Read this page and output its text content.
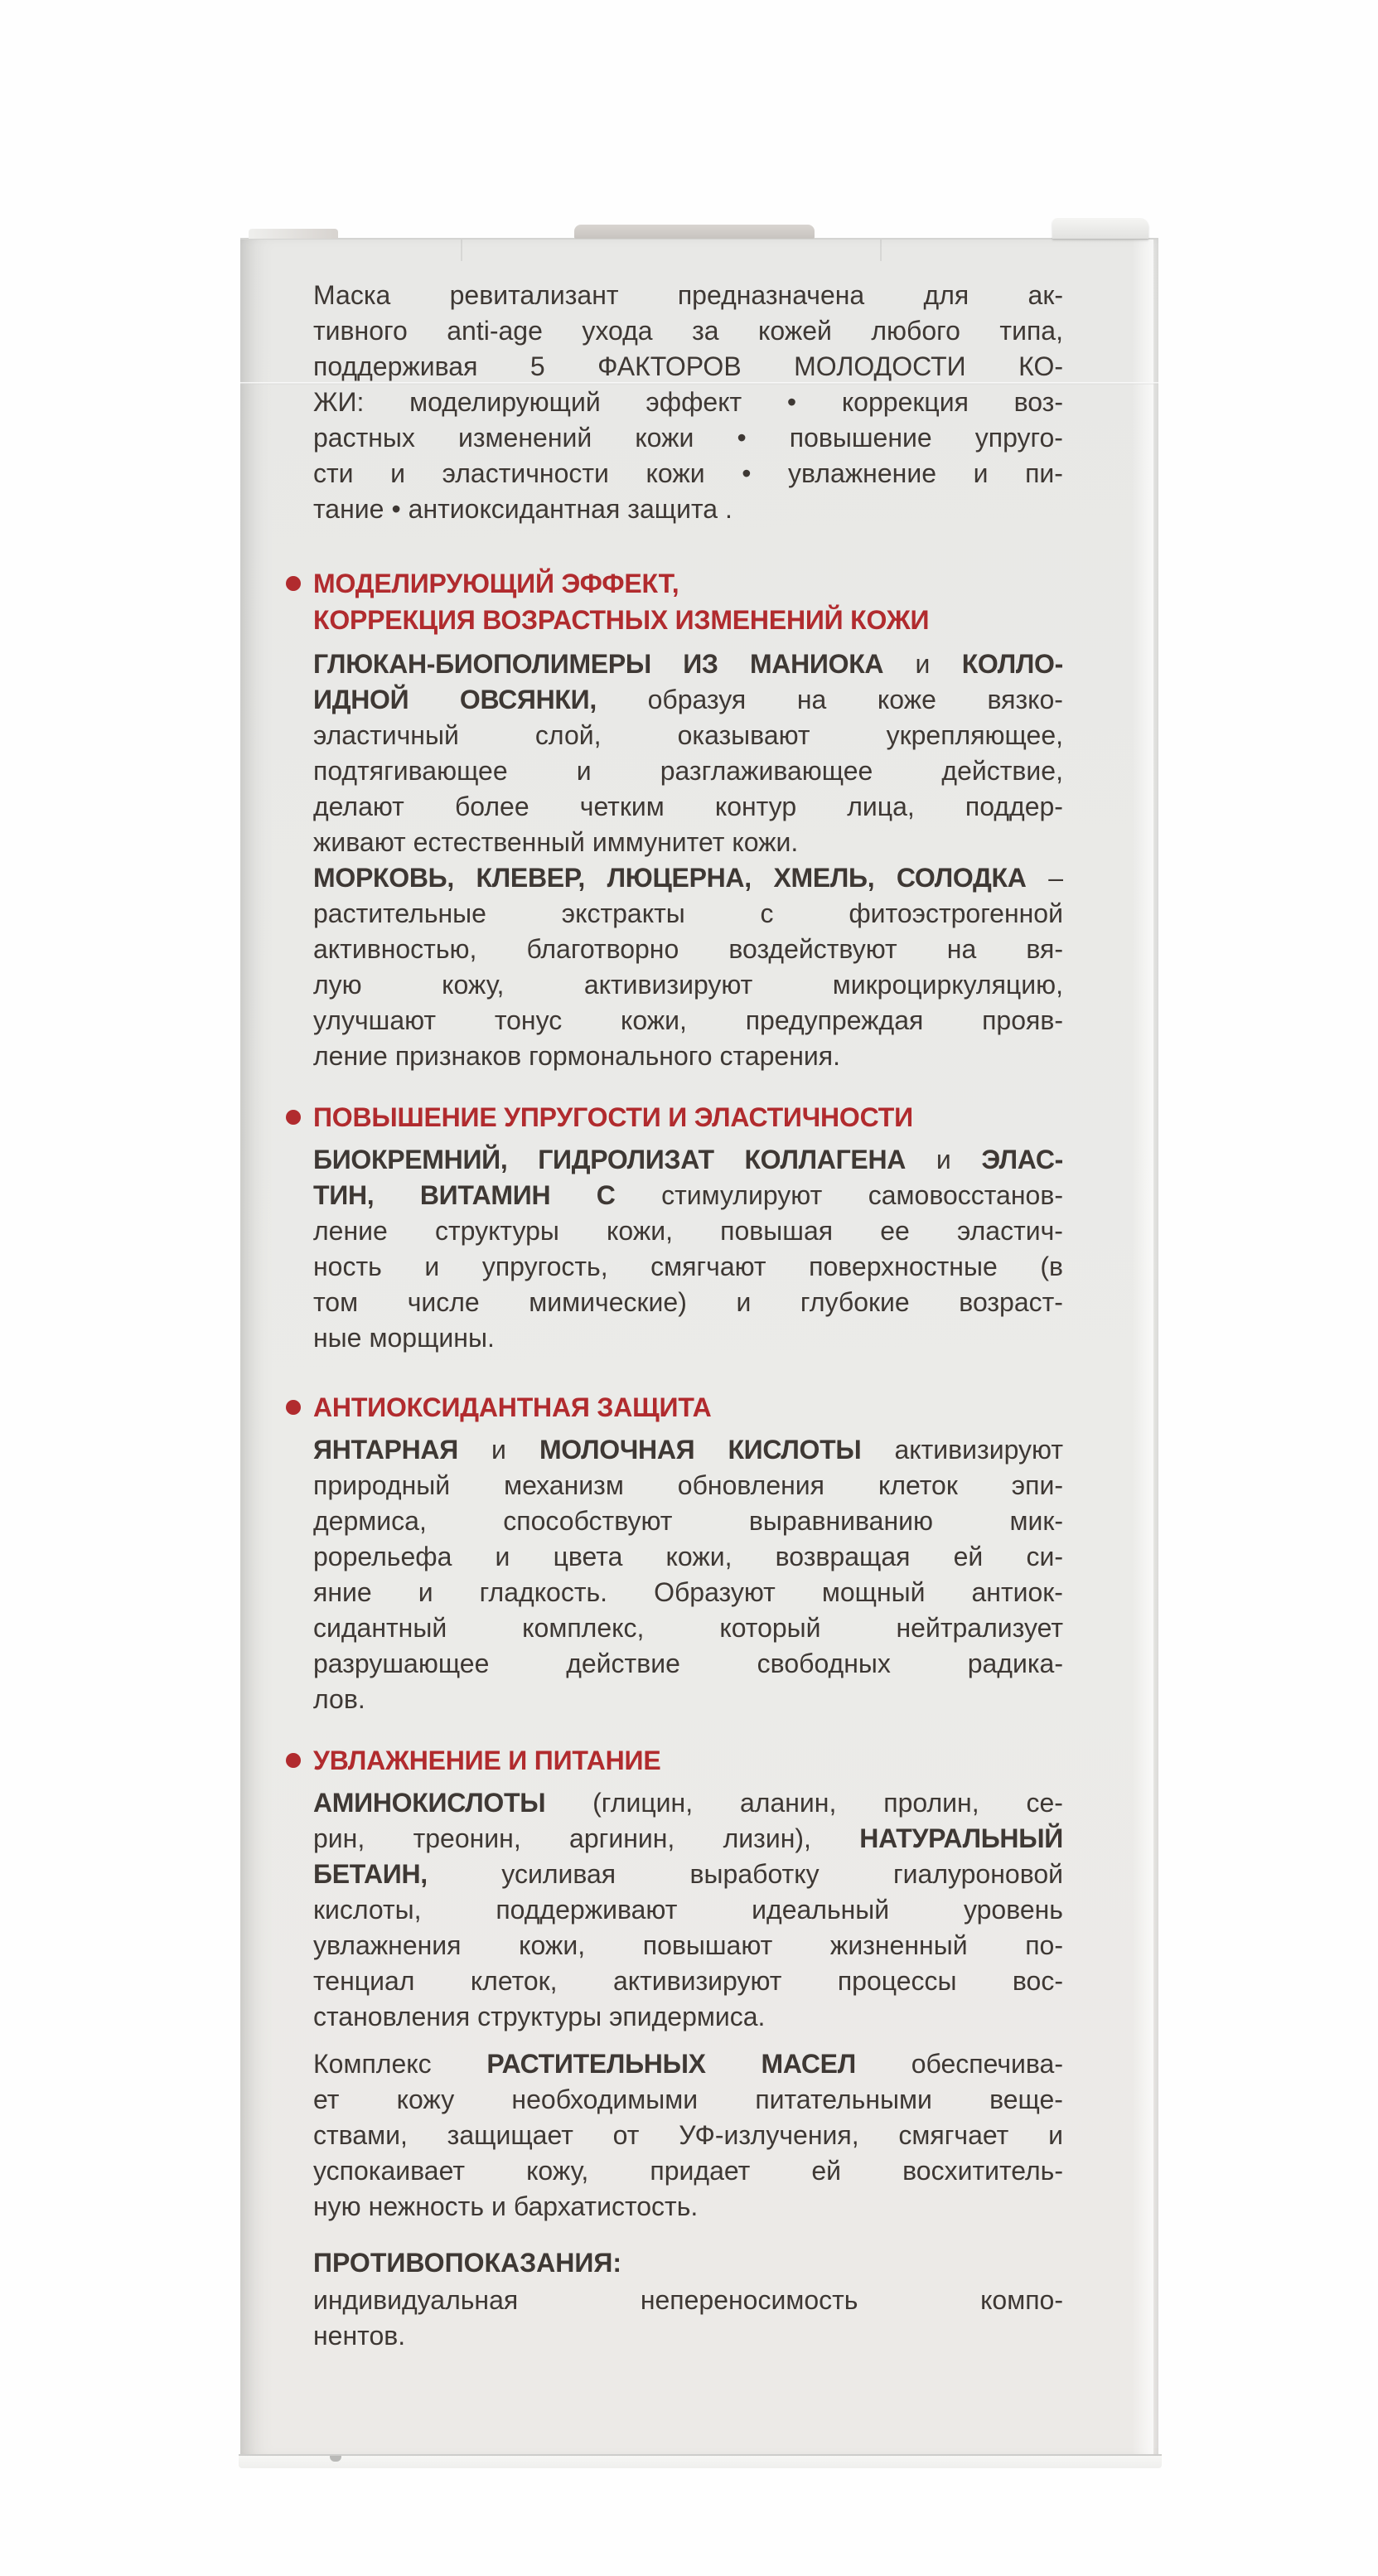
Маска ревитализант предназначена для ак-
тивного anti-age ухода за кожей любого типа,
поддерживая 5 ФАКТОРОВ МОЛОДОСТИ КО-
ЖИ: моделирующий эффект • коррекция воз-
растных изменений кожи • повышение упруго-
сти и эластичности кожи • увлажнение и пи-
тание • антиоксидантная защита .
МОДЕЛИРУЮЩИЙ ЭФФЕКТ,
КОРРЕКЦИЯ ВОЗРАСТНЫХ ИЗМЕНЕНИЙ КОЖИ
ГЛЮКАН-БИОПОЛИМЕРЫ ИЗ МАНИОКА и КОЛЛО-
ИДНОЙ ОВСЯНКИ, образуя на коже вязко-
эластичный	слой,	оказывают	укрепляющее,
подтягивающее	и	разглаживающее	действие,
делают более четким контур лица, поддер-
живают естественный иммунитет кожи.
МОРКОВЬ, КЛЕВЕР, ЛЮЦЕРНА, ХМЕЛЬ, СОЛОДКА –
растительные	экстракты	с	фитоэстрогенной
активностью, благотворно воздействуют на вя-
лую	кожу,	активизируют	микроциркуляцию,
улучшают тонус кожи, предупреждая прояв-
ление признаков гормонального старения.
ПОВЫШЕНИЕ УПРУГОСТИ И ЭЛАСТИЧНОСТИ
БИОКРЕМНИЙ, ГИДРОЛИЗАТ КОЛЛАГЕНА и ЭЛАС-
ТИН, ВИТАМИН С стимулируют самовосстанов-
ление структуры кожи, повышая ее эластич-
ность и упругость, смягчают поверхностные (в
том числе мимические) и глубокие возраст-
ные морщины.
АНТИОКСИДАНТНАЯ ЗАЩИТА
ЯНТАРНАЯ и МОЛОЧНАЯ КИСЛОТЫ активизируют
природный механизм обновления клеток эпи-
дермиса,	способствуют	выравниванию	мик-
рорельефа и цвета кожи, возвращая ей си-
яние и гладкость. Образуют мощный антиок-
сидантный	комплекс,	который	нейтрализует
разрушающее	действие	свободных	радика-
лов.
УВЛАЖНЕНИЕ И ПИТАНИЕ
АМИНОКИСЛОТЫ (глицин, аланин, пролин, се-
рин, треонин, аргинин, лизин), НАТУРАЛЬНЫЙ
БЕТАИН,	усиливая	выработку	гиалуроновой
кислоты,	поддерживают	идеальный	уровень
увлажнения кожи, повышают жизненный по-
тенциал клеток, активизируют процессы вос-
становления структуры эпидермиса.
Комплекс РАСТИТЕЛЬНЫХ МАСЕЛ обеспечива-
ет кожу необходимыми питательными веще-
ствами, защищает от УФ-излучения, смягчает и
успокаивает кожу, придает ей восхититель-
ную нежность и бархатистость.
ПРОТИВОПОКАЗАНИЯ:
индивидуальная	непереносимость	компо-
нентов.
